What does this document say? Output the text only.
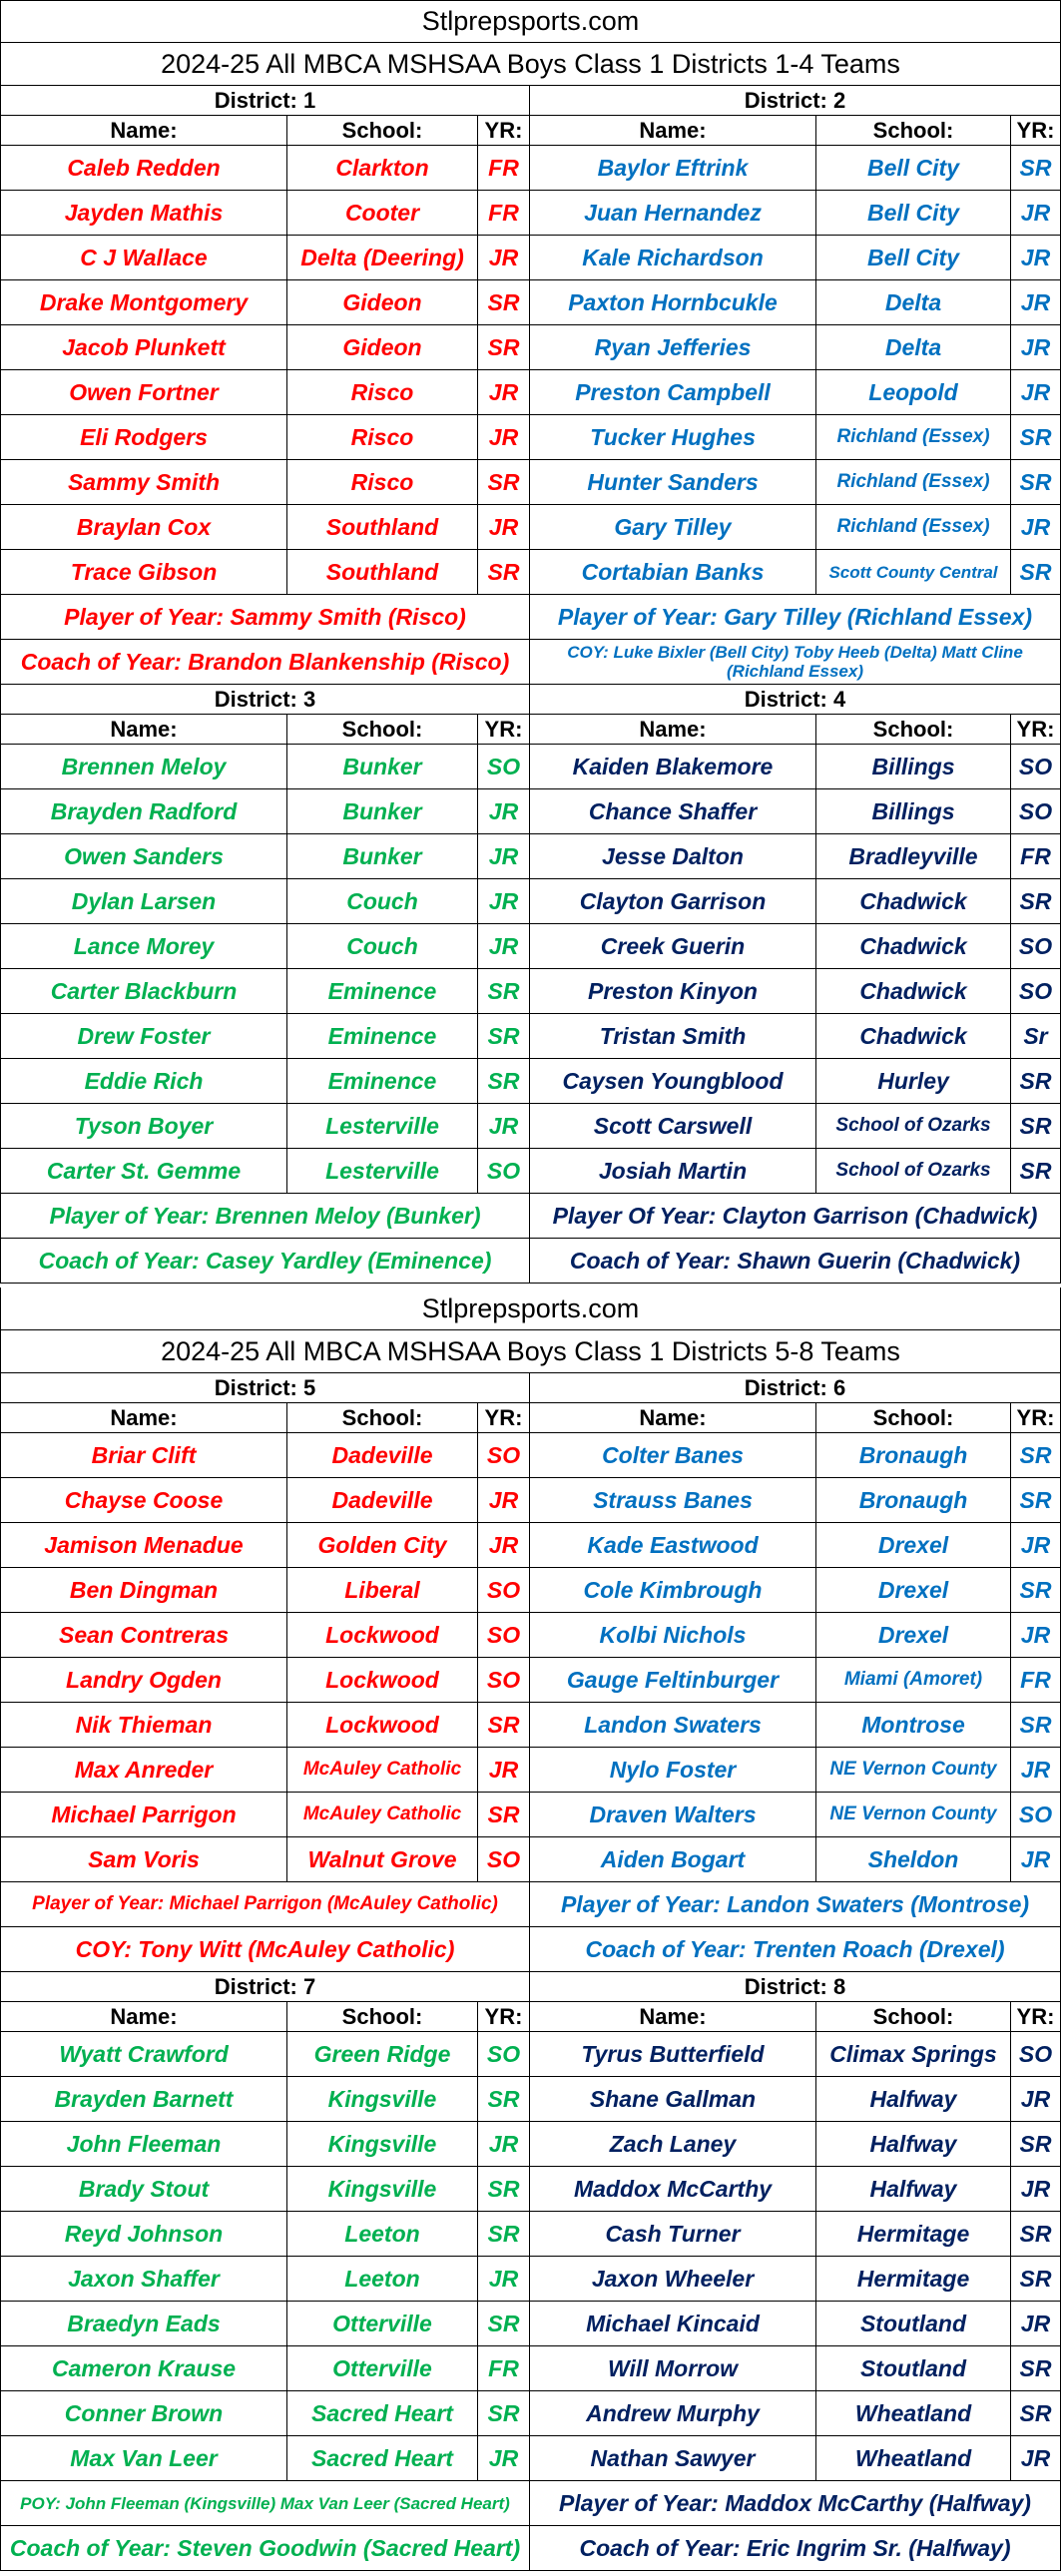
Stlprepsports.com
2024-25 All MBCA MSHSAA Boys Class 1 Districts 1-4 Teams
District: 1	District: 2
Name:	School:	YR:	Name:	School:	YR:
Caleb Redden	Clarkton	FR	Baylor Eftrink	Bell City	SR
Jayden Mathis	Cooter	FR	Juan Hernandez	Bell City	JR
C J Wallace	Delta (Deering)	JR	Kale Richardson	Bell City	JR
Drake Montgomery	Gideon	SR	Paxton Hornbcukle	Delta	JR
Jacob Plunkett	Gideon	SR	Ryan Jefferies	Delta	JR
Owen Fortner	Risco	JR	Preston Campbell	Leopold	JR
Eli Rodgers	Risco	JR	Tucker Hughes	Richland (Essex)	SR
Sammy Smith	Risco	SR	Hunter Sanders	Richland (Essex)	SR
Braylan Cox	Southland	JR	Gary Tilley	Richland (Essex)	JR
Trace Gibson	Southland	SR	Cortabian Banks	Scott County Central SR
Player of Year: Sammy Smith (Risco)	Player of Year: Gary Tilley (Richland Essex)
Coach of Year: Brandon Blankenship (Risco)	COY: Luke Bixler (Bell City) Toby Heeb (Delta) Matt Cline (Richland Essex)
District: 3	District: 4
Name:	School:	YR:	Name:	School:	YR:
Brennen Meloy	Bunker	SO	Kaiden Blakemore	Billings	SO
Brayden Radford	Bunker	JR	Chance Shaffer	Billings	SO
Owen Sanders	Bunker	JR	Jesse Dalton	Bradleyville	FR
Dylan Larsen	Couch	JR	Clayton Garrison	Chadwick	SR
Lance Morey	Couch	JR	Creek Guerin	Chadwick	SO
Carter Blackburn	Eminence	SR	Preston Kinyon	Chadwick	SO
Drew Foster	Eminence	SR	Tristan Smith	Chadwick	Sr
Eddie Rich	Eminence	SR	Caysen Youngblood	Hurley	SR
Tyson Boyer	Lesterville	JR	Scott Carswell	School of Ozarks	SR
Carter St. Gemme	Lesterville	SO	Josiah Martin	School of Ozarks	SR
Player of Year: Brennen Meloy (Bunker)	Player Of Year: Clayton Garrison (Chadwick)
Coach of Year: Casey Yardley (Eminence)	Coach of Year: Shawn Guerin (Chadwick)
Stlprepsports.com
2024-25 All MBCA MSHSAA Boys Class 1 Districts 5-8 Teams
District: 5	District: 6
Name:	School:	YR:	Name:	School:	YR:
Briar Clift	Dadeville	SO	Colter Banes	Bronaugh	SR
Chayse Coose	Dadeville	JR	Strauss Banes	Bronaugh	SR
Jamison Menadue	Golden City	JR	Kade Eastwood	Drexel	JR
Ben Dingman	Liberal	SO	Cole Kimbrough	Drexel	SR
Sean Contreras	Lockwood	SO	Kolbi Nichols	Drexel	JR
Landry Ogden	Lockwood	SO	Gauge Feltinburger	Miami (Amoret)	FR
Nik Thieman	Lockwood	SR	Landon Swaters	Montrose	SR
Max Anreder	McAuley Catholic	JR	Nylo Foster	NE Vernon County	JR
Michael Parrigon	McAuley Catholic	SR	Draven Walters	NE Vernon County SO
Sam Voris	Walnut Grove	SO	Aiden Bogart	Sheldon	JR
Player of Year: Michael Parrigon (McAuley Catholic)	Player of Year: Landon Swaters (Montrose)
COY: Tony Witt (McAuley Catholic)	Coach of Year: Trenten Roach (Drexel)
District: 7	District: 8
Name:	School:	YR:	Name:	School:	YR:
Wyatt Crawford	Green Ridge	SO	Tyrus Butterfield	Climax Springs SO
Brayden Barnett	Kingsville	SR	Shane Gallman	Halfway	JR
John Fleeman	Kingsville	JR	Zach Laney	Halfway	SR
Brady Stout	Kingsville	SR	Maddox McCarthy	Halfway	JR
Reyd Johnson	Leeton	SR	Cash Turner	Hermitage	SR
Jaxon Shaffer	Leeton	JR	Jaxon Wheeler	Hermitage	SR
Braedyn Eads	Otterville	SR	Michael Kincaid	Stoutland	JR
Cameron Krause	Otterville	FR	Will Morrow	Stoutland	SR
Conner Brown	Sacred Heart	SR	Andrew Murphy	Wheatland	SR
Max Van Leer	Sacred Heart	JR	Nathan Sawyer	Wheatland	JR
POY: John Fleeman (Kingsville) Max Van Leer (Sacred Heart)	Player of Year: Maddox McCarthy (Halfway)
Coach of Year: Steven Goodwin (Sacred Heart)	Coach of Year: Eric Ingrim Sr. (Halfway)
